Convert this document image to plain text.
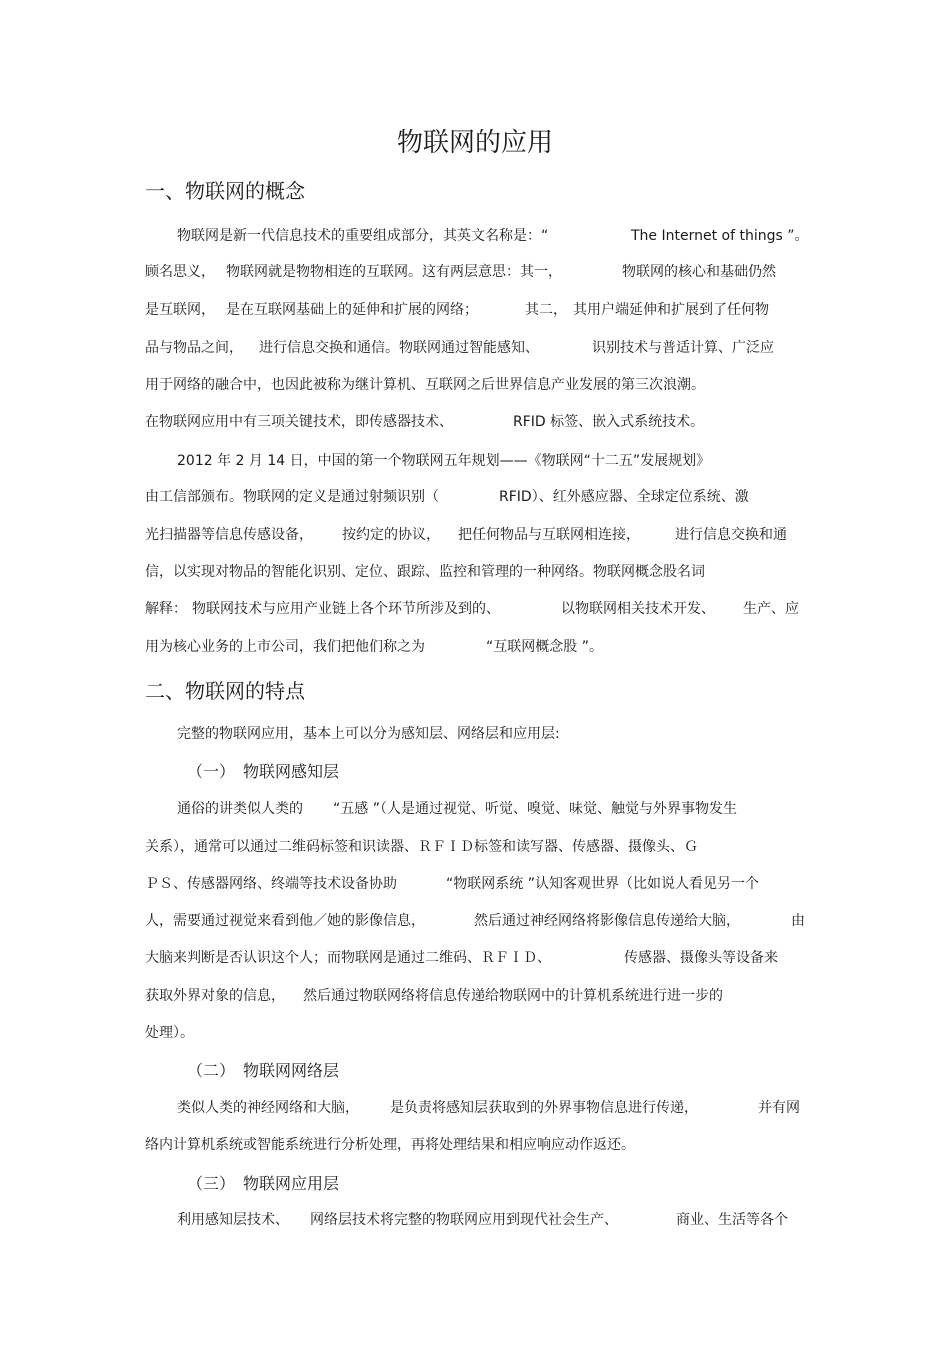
物联网的应用
一、物联网的概念
物联网是新一代信息技术的重要组成部分，其英文名称是：“	The Internet of things ”。
顾名思义， 物联网就是物物相连的互联网。这有两层意思：其一，	物联网的核心和基础仍然
是互联网， 是在互联网基础上的延伸和扩展的网络；	其二， 其用户端延伸和扩展到了任何物
品与物品之间， 进行信息交换和通信。物联网通过智能感知、	识别技术与普适计算、广泛应
用于网络的融合中，也因此被称为继计算机、互联网之后世界信息产业发展的第三次浪潮。
在物联网应用中有三项关键技术，即传感器技术、	RFID 标签、嵌入式系统技术。
2012 年 2 月 14 日，中国的第一个物联网五年规划——《物联网“十二五”发展规划》
由工信部颁布。物联网的定义是通过射频识别（	RFID）、红外感应器、全球定位系统、激
光扫描器等信息传感设备， 按约定的协议， 把任何物品与互联网相连接，	进行信息交换和通
信，以实现对物品的智能化识别、定位、跟踪、监控和管理的一种网络。物联网概念股名词
解释： 物联网技术与应用产业链上各个环节所涉及到的、	以物联网相关技术开发、 生产、应
用为核心业务的上市公司，我们把他们称之为	“互联网概念股 ”。
二、物联网的特点
完整的物联网应用，基本上可以分为感知层、网络层和应用层:
（一）　物联网感知层
通俗的讲类似人类的 “五感 ”（人是通过视觉、听觉、嗅觉、味觉、触觉与外界事物发生
关系），通常可以通过二维码标签和识读器、ＲＦＩＤ标签和读写器、传感器、摄像头、Ｇ
ＰＳ、传感器网络、终端等技术设备协助	“物联网系统 ”认知客观世界（比如说人看见另一个
人，需要通过视觉来看到他／她的影像信息，	然后通过神经网络将影像信息传递给大脑，	由
大脑来判断是否认识这个人；而物联网是通过二维码、ＲＦＩＤ、	传感器、摄像头等设备来
获取外界对象的信息， 然后通过物联网络将信息传递给物联网中的计算机系统进行进一步的
处理）。
（二）　物联网网络层
类似人类的神经网络和大脑， 是负责将感知层获取到的外界事物信息进行传递，	并有网
络内计算机系统或智能系统进行分析处理，再将处理结果和相应响应动作返还。
（三）　物联网应用层
利用感知层技术、 网络层技术将完整的物联网应用到现代社会生产、	商业、生活等各个
